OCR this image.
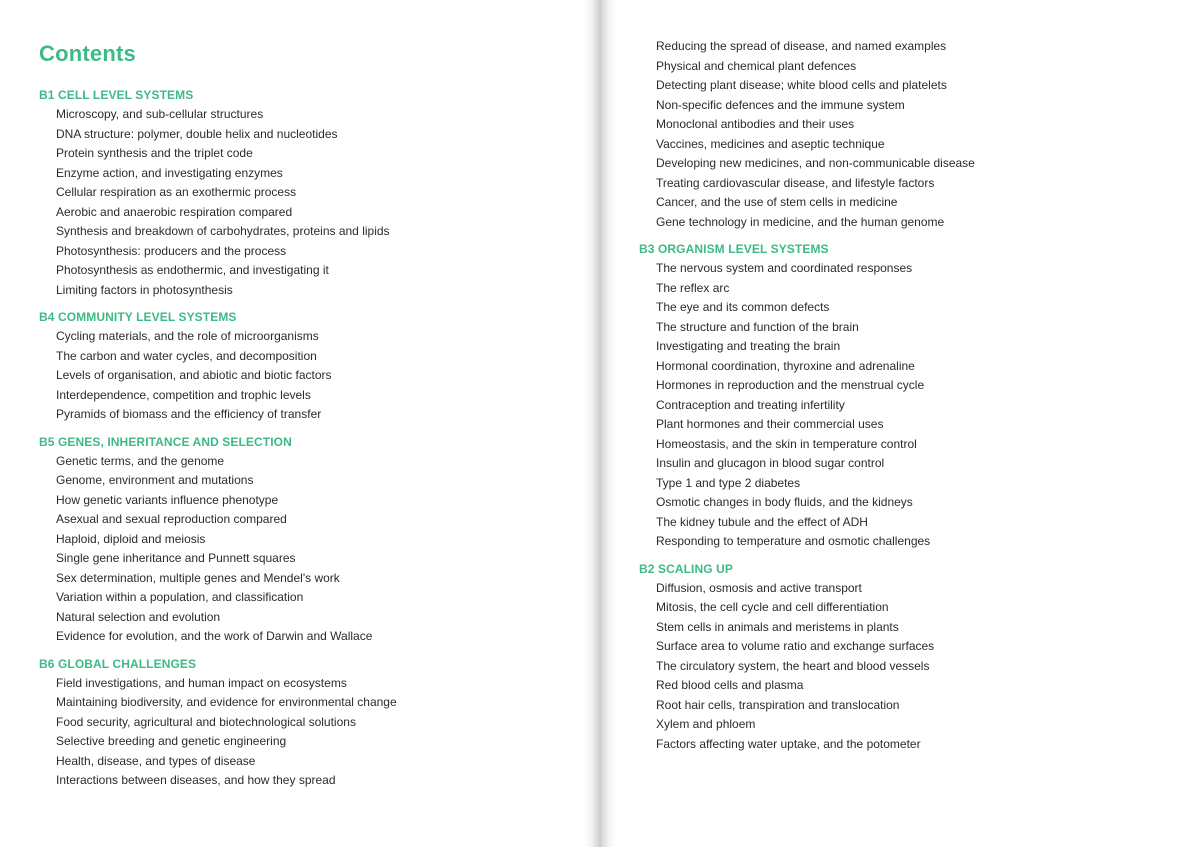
Contents
B1 CELL LEVEL SYSTEMS
Microscopy, and sub-cellular structures
DNA structure: polymer, double helix and nucleotides
Protein synthesis and the triplet code
Enzyme action, and investigating enzymes
Cellular respiration as an exothermic process
Aerobic and anaerobic respiration compared
Synthesis and breakdown of carbohydrates, proteins and lipids
Photosynthesis: producers and the process
Photosynthesis as endothermic, and investigating it
Limiting factors in photosynthesis
B4 COMMUNITY LEVEL SYSTEMS
Cycling materials, and the role of microorganisms
The carbon and water cycles, and decomposition
Levels of organisation, and abiotic and biotic factors
Interdependence, competition and trophic levels
Pyramids of biomass and the efficiency of transfer
B5 GENES, INHERITANCE AND SELECTION
Genetic terms, and the genome
Genome, environment and mutations
How genetic variants influence phenotype
Asexual and sexual reproduction compared
Haploid, diploid and meiosis
Single gene inheritance and Punnett squares
Sex determination, multiple genes and Mendel's work
Variation within a population, and classification
Natural selection and evolution
Evidence for evolution, and the work of Darwin and Wallace
B6 GLOBAL CHALLENGES
Field investigations, and human impact on ecosystems
Maintaining biodiversity, and evidence for environmental change
Food security, agricultural and biotechnological solutions
Selective breeding and genetic engineering
Health, disease, and types of disease
Interactions between diseases, and how they spread
Reducing the spread of disease, and named examples
Physical and chemical plant defences
Detecting plant disease; white blood cells and platelets
Non-specific defences and the immune system
Monoclonal antibodies and their uses
Vaccines, medicines and aseptic technique
Developing new medicines, and non-communicable disease
Treating cardiovascular disease, and lifestyle factors
Cancer, and the use of stem cells in medicine
Gene technology in medicine, and the human genome
B3 ORGANISM LEVEL SYSTEMS
The nervous system and coordinated responses
The reflex arc
The eye and its common defects
The structure and function of the brain
Investigating and treating the brain
Hormonal coordination, thyroxine and adrenaline
Hormones in reproduction and the menstrual cycle
Contraception and treating infertility
Plant hormones and their commercial uses
Homeostasis, and the skin in temperature control
Insulin and glucagon in blood sugar control
Type 1 and type 2 diabetes
Osmotic changes in body fluids, and the kidneys
The kidney tubule and the effect of ADH
Responding to temperature and osmotic challenges
B2 SCALING UP
Diffusion, osmosis and active transport
Mitosis, the cell cycle and cell differentiation
Stem cells in animals and meristems in plants
Surface area to volume ratio and exchange surfaces
The circulatory system, the heart and blood vessels
Red blood cells and plasma
Root hair cells, transpiration and translocation
Xylem and phloem
Factors affecting water uptake, and the potometer
